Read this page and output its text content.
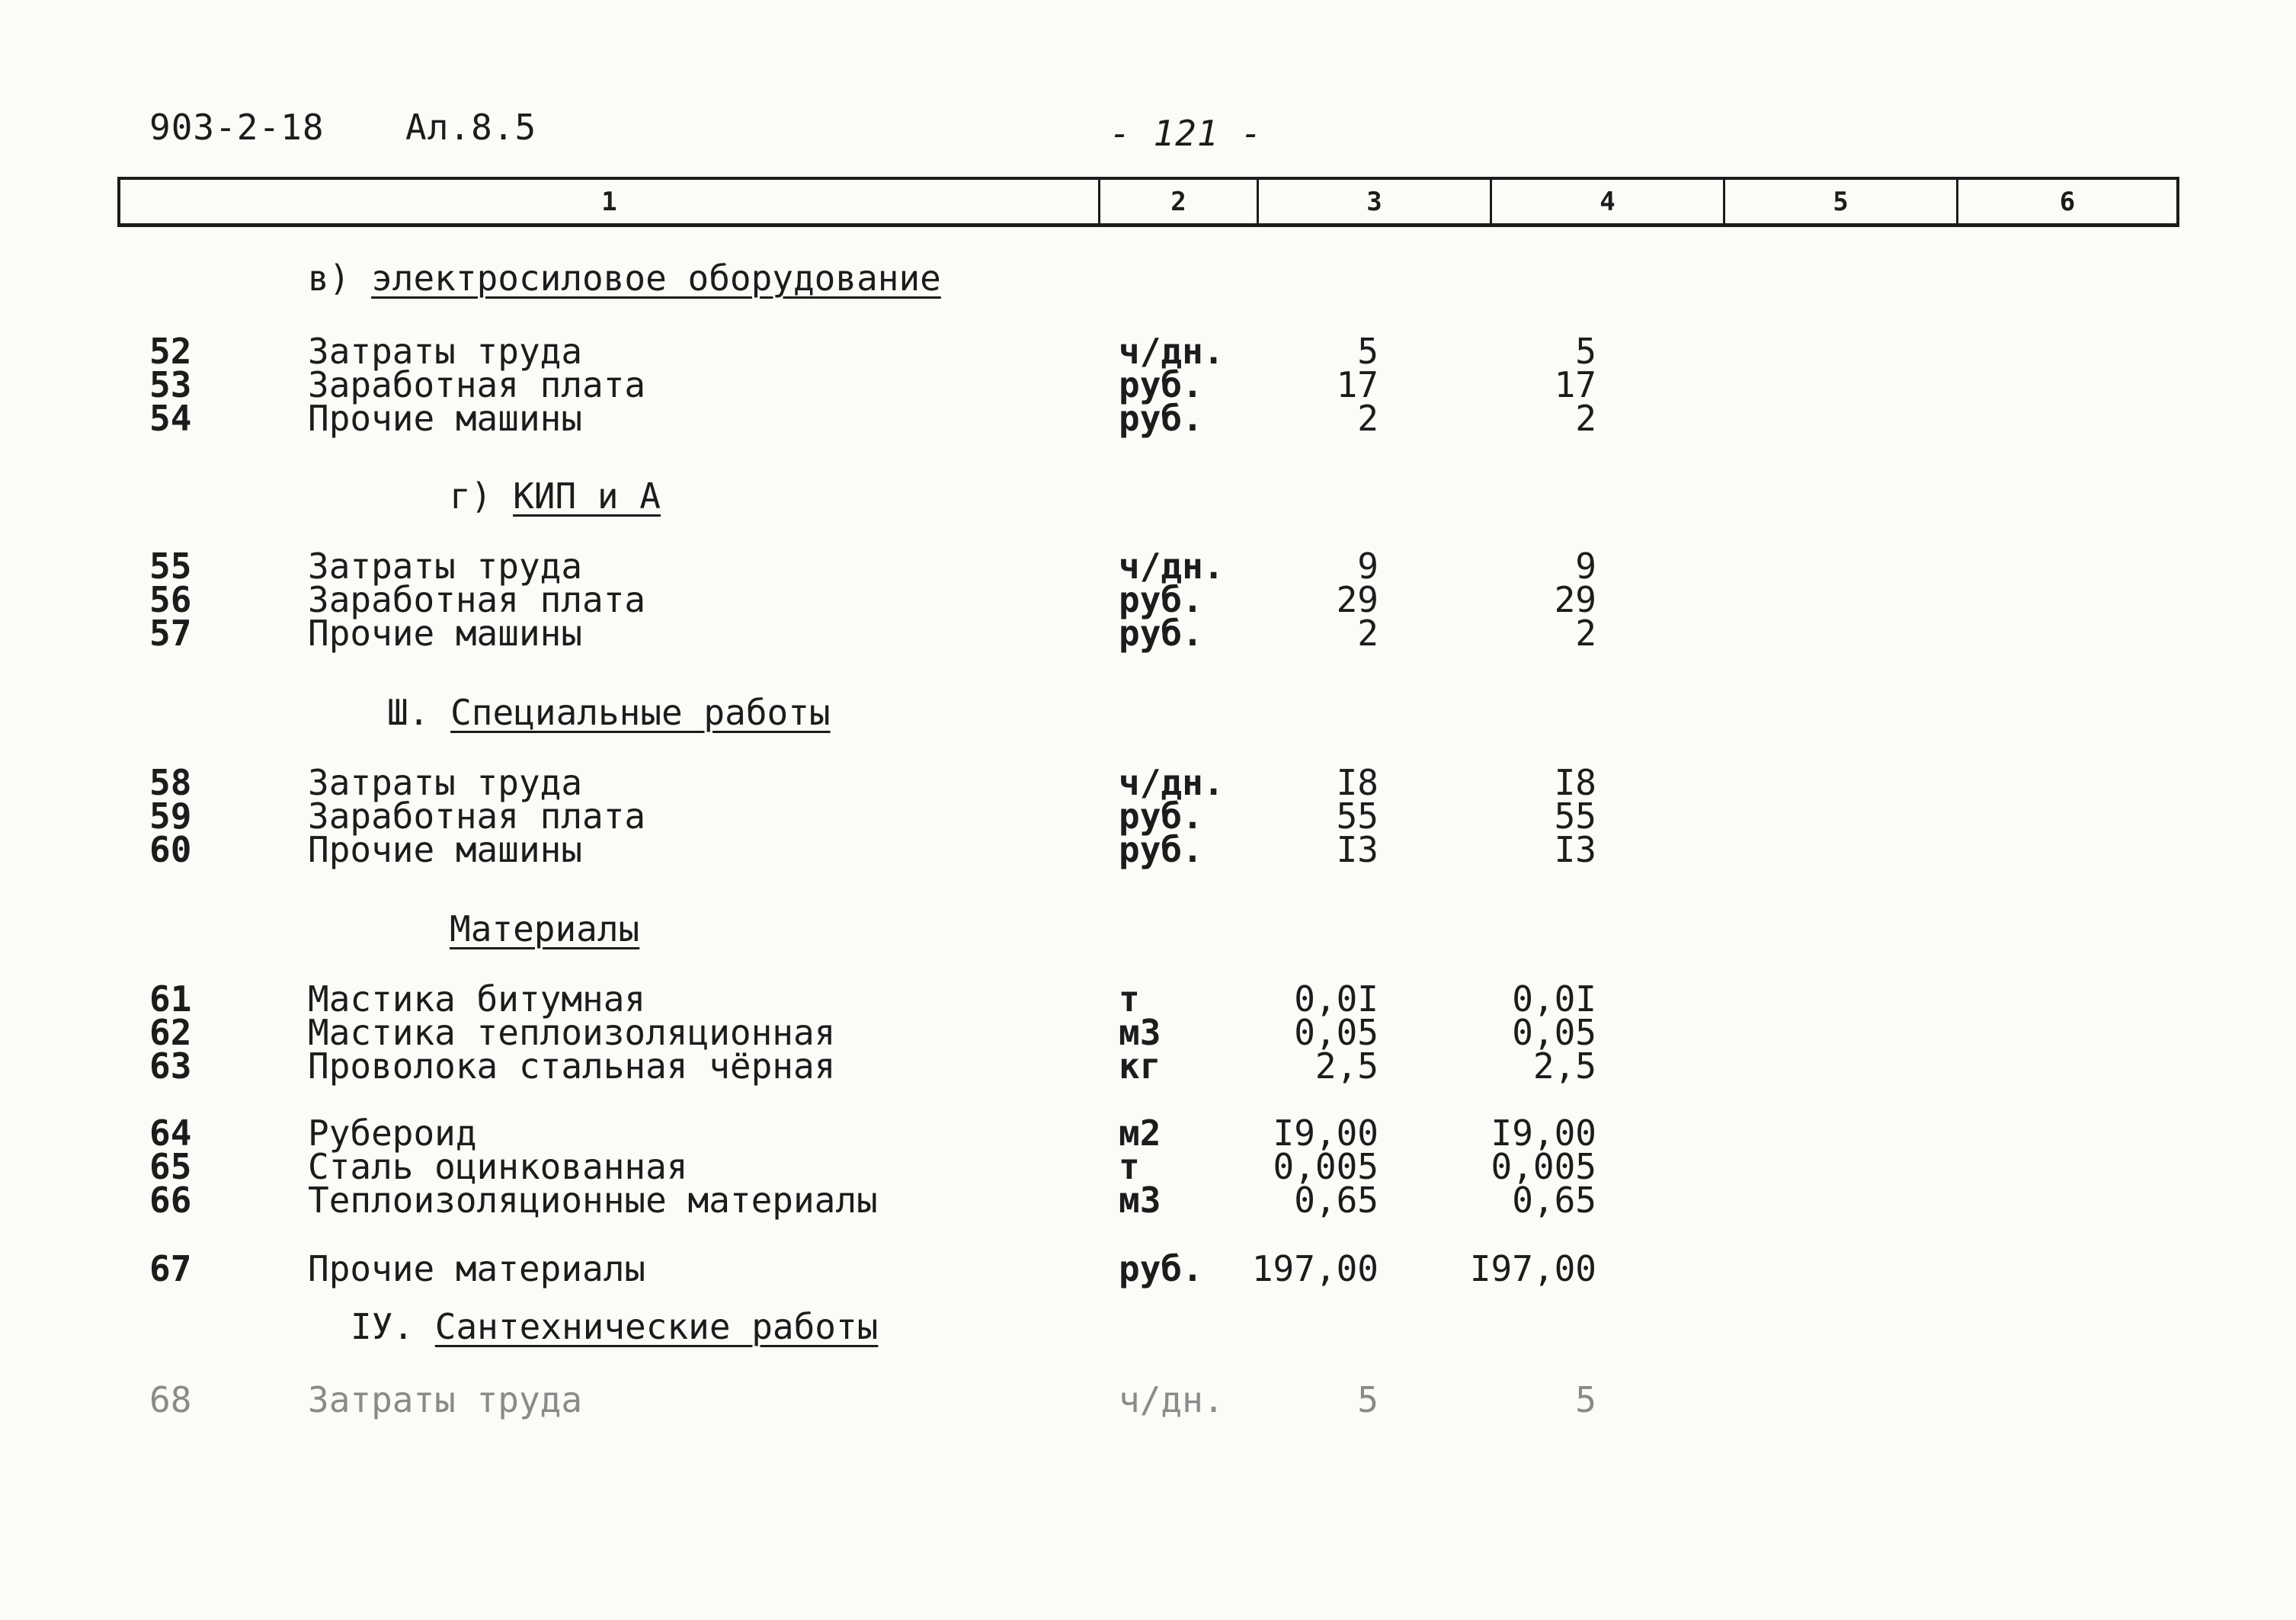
903-2-18 Ал.8.5	- 121 -
1	2	3	4	5	6
в) электросиловое оборудование
52	Затраты труда	ч/дн.	5	5
53	Заработная плата	руб.	17	17
54	Прочие машины	руб.	2	2
г) КИП и А
55	Затраты труда	ч/дн.	9	9
56	Заработная плата	руб.	29	29
57	Прочие машины	руб.	2	2
Ш. Специальные работы
58	Затраты труда	ч/дн.	I8	I8
59	Заработная плата	руб.	55	55
60	Прочие машины	руб.	I3	I3
Материалы
61	Мастика битумная	т	0,0I	0,0I
62	Мастика теплоизоляционная	м3	0,05	0,05
63	Проволока стальная чёрная	кг	2,5	2,5
64	Рубероид	м2	I9,00	I9,00
65	Сталь оцинкованная	т	0,005	0,005
66	Теплоизоляционные материалы	м3	0,65	0,65
67	Прочие материалы	руб. 197,00	I97,00
IУ. Сантехнические работы
68	Затраты труда	ч/дн.	5	5
